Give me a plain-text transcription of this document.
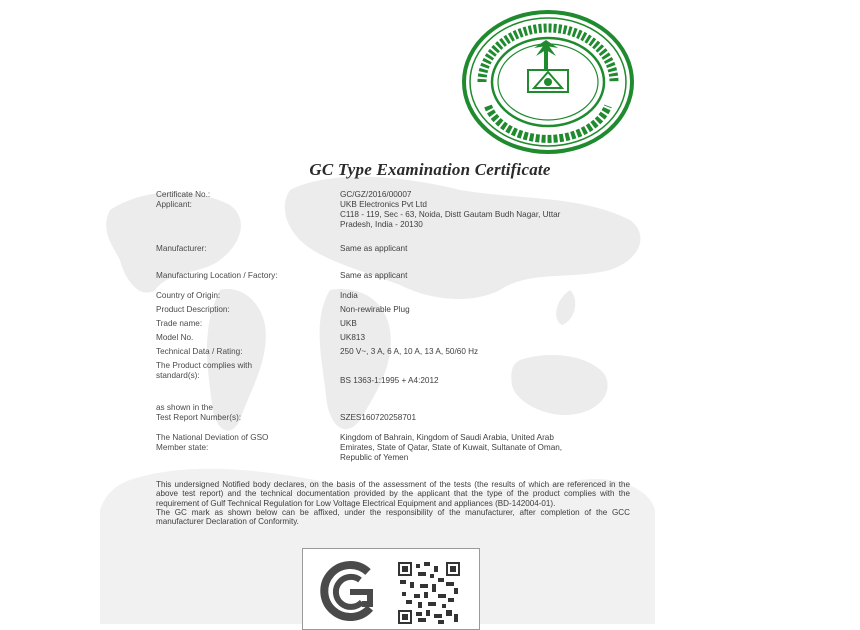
GC Type Examination Certificate
Certificate No.:
Applicant:
Manufacturer:
Manufacturing Location / Factory:
Country of Origin:
Product Description:
Trade name:
Model No.
Technical Data / Rating:
The Product complies with
standard(s):
as shown in the
Test Report Number(s):
The National Deviation of GSO
Member state:
GC/GZ/2016/00007
UKB Electronics Pvt Ltd
C118 - 119, Sec - 63, Noida, Distt Gautam Budh Nagar, Uttar
Pradesh, India - 20130
Same as applicant
Same as applicant
India
Non-rewirable Plug
UKB
UK813
250 V~, 3 A, 6 A, 10 A, 13 A, 50/60 Hz
BS 1363-1:1995 + A4:2012
SZES160720258701
Kingdom of Bahrain, Kingdom of Saudi Arabia, United Arab
Emirates, State of Qatar, State of Kuwait, Sultanate of Oman,
Republic of Yemen

This undersigned Notified body declares, on the basis of the assessment of the tests (the results of which are referenced in the above test report) and the technical documentation provided by the applicant that the type of the product complies with the requirement of Gulf Technical Regulation for Low Voltage Electrical Equipment and appliances (BD-142004-01).

The GC mark as shown below can be affixed, under the responsibility of the manufacturer, after completion of the GCC manufacturer Declaration of Conformity.
